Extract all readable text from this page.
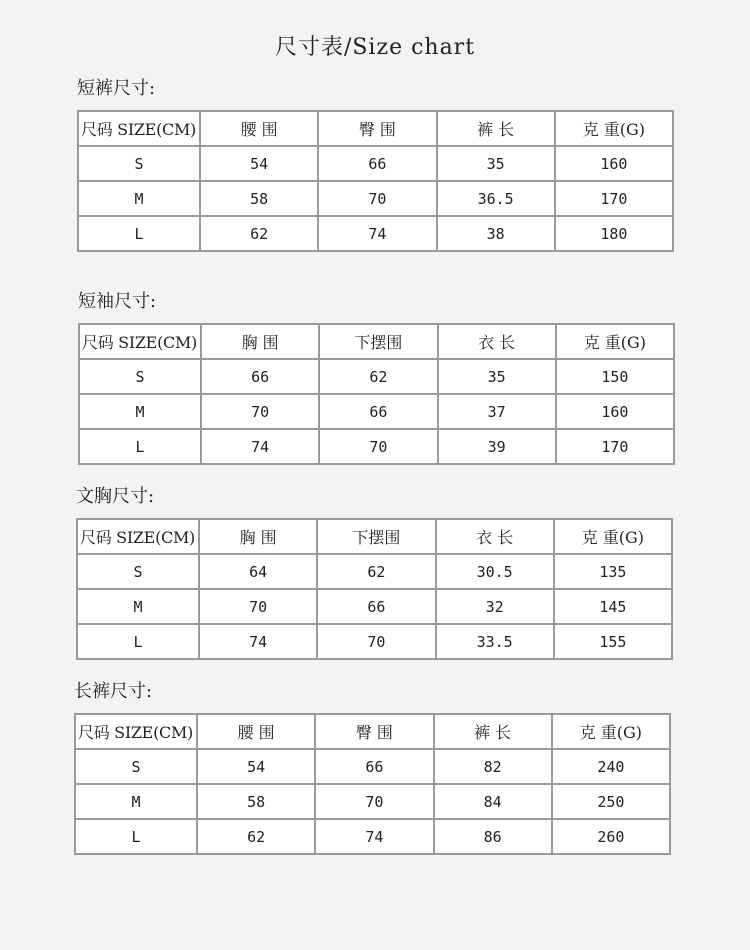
尺寸表/Size chart
短裤尺寸:
尺码 SIZE(CM)	腰 围	臀 围	裤 长	克 重(G)
S	54	66	35	160
M	58	70	36.5	170
L	62	74	38	180
短袖尺寸:
尺码 SIZE(CM)	胸 围	下摆围	衣 长	克 重(G)
S	66	62	35	150
M	70	66	37	160
L	74	70	39	170
文胸尺寸:
尺码 SIZE(CM)	胸 围	下摆围	衣 长	克 重(G)
S	64	62	30.5	135
M	70	66	32	145
L	74	70	33.5	155
长裤尺寸:
尺码 SIZE(CM)	腰 围	臀 围	裤 长	克 重(G)
S	54	66	82	240
M	58	70	84	250
L	62	74	86	260
